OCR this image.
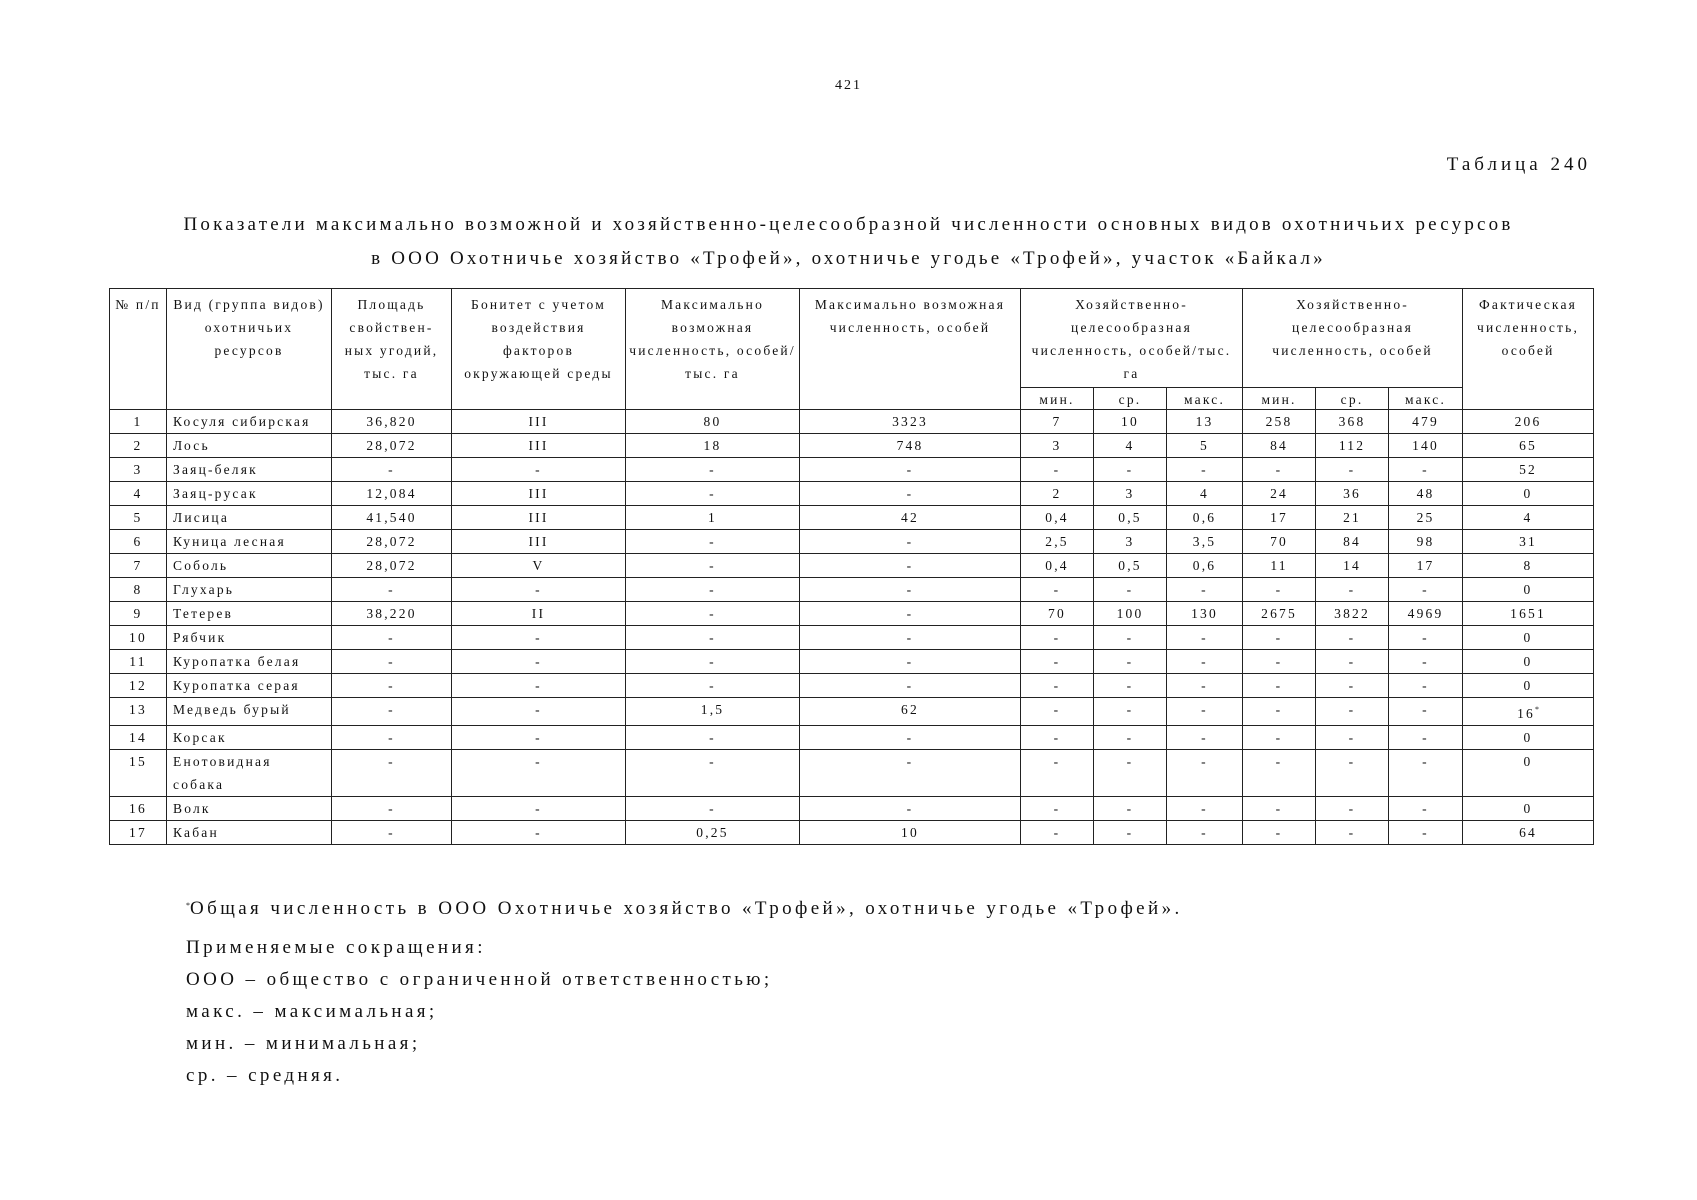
421
Таблица 240
Показатели максимально возможной и хозяйственно-целесообразной численности основных видов охотничьих ресурсов
в ООО Охотничье хозяйство «Трофей», охотничье угодье «Трофей», участок «Байкал»
№ п/п	Вид (группа видов) охотничьих ресурсов	Площадь свойствен-ных угодий, тыс. га	Бонитет с учетом воздействия факторов окружающей среды	Максимально возможная численность, особей/тыс. га	Максимально возможная численность, особей	Хозяйственно-целесообразная численность, особей/тыс. га			Хозяйственно-целесообразная численность, особей			Фактическая численность, особей
						мин.	ср.	макс.	мин.	ср.	макс.	
1	Косуля сибирская	36,820	III	80	3323	7	10	13	258	368	479	206
2	Лось	28,072	III	18	748	3	4	5	84	112	140	65
3	Заяц-беляк	-	-	-	-	-	-	-	-	-	-	52
4	Заяц-русак	12,084	III	-	-	2	3	4	24	36	48	0
5	Лисица	41,540	III	1	42	0,4	0,5	0,6	17	21	25	4
6	Куница лесная	28,072	III	-	-	2,5	3	3,5	70	84	98	31
7	Соболь	28,072	V	-	-	0,4	0,5	0,6	11	14	17	8
8	Глухарь	-	-	-	-	-	-	-	-	-	-	0
9	Тетерев	38,220	II	-	-	70	100	130	2675	3822	4969	1651
10	Рябчик	-	-	-	-	-	-	-	-	-	-	0
11	Куропатка белая	-	-	-	-	-	-	-	-	-	-	0
12	Куропатка серая	-	-	-	-	-	-	-	-	-	-	0
13	Медведь бурый	-	-	1,5	62	-	-	-	-	-	-	16*
14	Корсак	-	-	-	-	-	-	-	-	-	-	0
15	Енотовидная собака	-	-	-	-	-	-	-	-	-	-	0
16	Волк	-	-	-	-	-	-	-	-	-	-	0
17	Кабан	-	-	0,25	10	-	-	-	-	-	-	64
*Общая численность в ООО Охотничье хозяйство «Трофей», охотничье угодье «Трофей».
Применяемые сокращения:
ООО – общество с ограниченной ответственностью;
макс. – максимальная;
мин. – минимальная;
ср. – средняя.
